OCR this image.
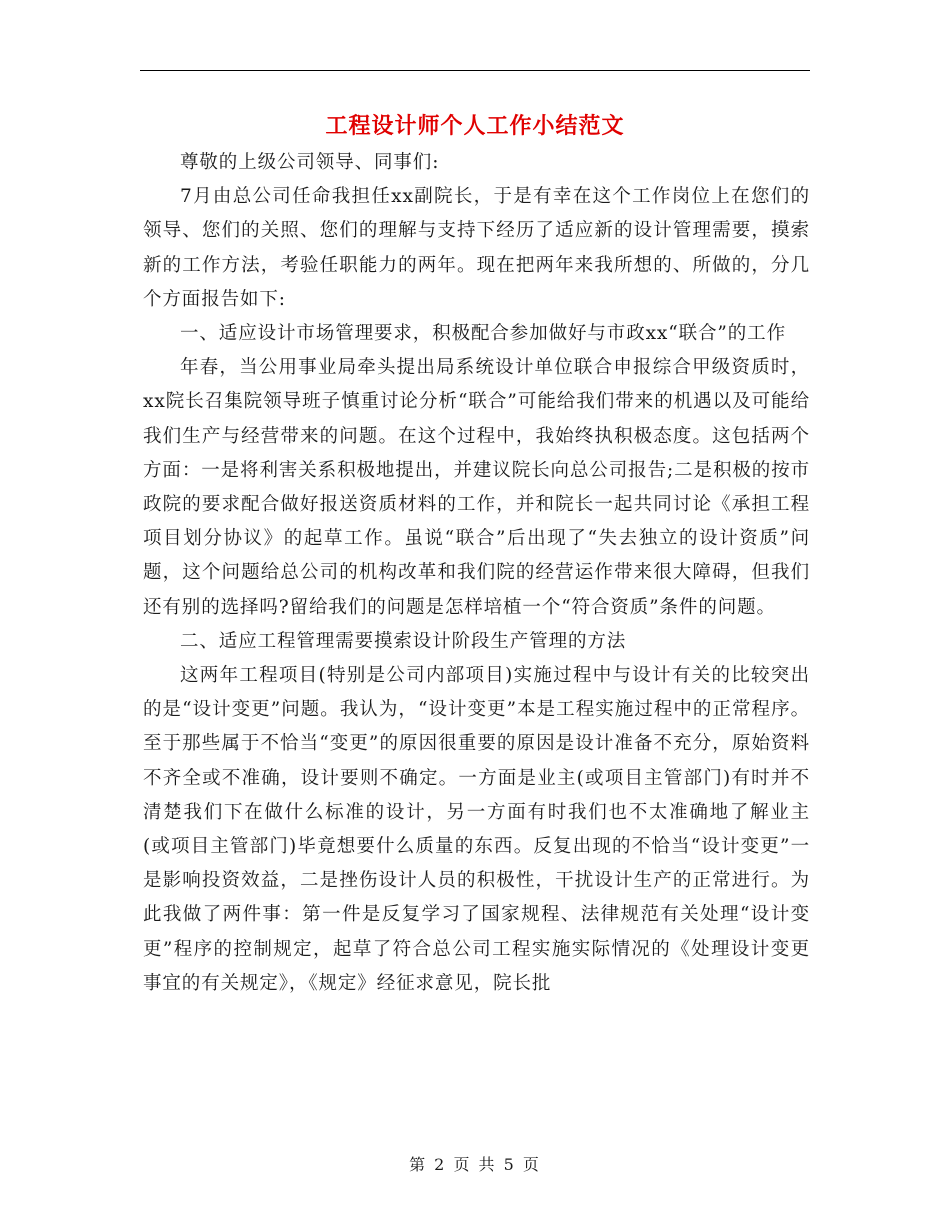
工程设计师个人工作小结范文

尊敬的上级公司领导、同事们:

7月由总公司任命我担任xx副院长，于是有幸在这个工作岗位上在您们的领导、您们的关照、您们的理解与支持下经历了适应新的设计管理需要，摸索新的工作方法，考验任职能力的两年。现在把两年来我所想的、所做的，分几个方面报告如下:

一、适应设计市场管理要求，积极配合参加做好与市政xx“联合”的工作

年春，当公用事业局牵头提出局系统设计单位联合申报综合甲级资质时，xx院长召集院领导班子慎重讨论分析“联合”可能给我们带来的机遇以及可能给我们生产与经营带来的问题。在这个过程中，我始终执积极态度。这包括两个方面：一是将利害关系积极地提出，并建议院长向总公司报告;二是积极的按市政院的要求配合做好报送资质材料的工作，并和院长一起共同讨论《承担工程项目划分协议》的起草工作。虽说“联合”后出现了“失去独立的设计资质”问题，这个问题给总公司的机构改革和我们院的经营运作带来很大障碍，但我们还有别的选择吗?留给我们的问题是怎样培植一个“符合资质”条件的问题。

二、适应工程管理需要摸索设计阶段生产管理的方法

这两年工程项目(特别是公司内部项目)实施过程中与设计有关的比较突出的是“设计变更”问题。我认为，“设计变更”本是工程实施过程中的正常程序。至于那些属于不恰当“变更”的原因很重要的原因是设计准备不充分，原始资料不齐全或不准确，设计要则不确定。一方面是业主(或项目主管部门)有时并不清楚我们下在做什么标准的设计，另一方面有时我们也不太准确地了解业主(或项目主管部门)毕竟想要什么质量的东西。反复出现的不恰当“设计变更”一是影响投资效益，二是挫伤设计人员的积极性，干扰设计生产的正常进行。为此我做了两件事：第一件是反复学习了国家规程、法律规范有关处理“设计变更”程序的控制规定，起草了符合总公司工程实施实际情况的《处理设计变更事宜的有关规定》，《规定》经征求意见，院长批

第 2 页 共 5 页
